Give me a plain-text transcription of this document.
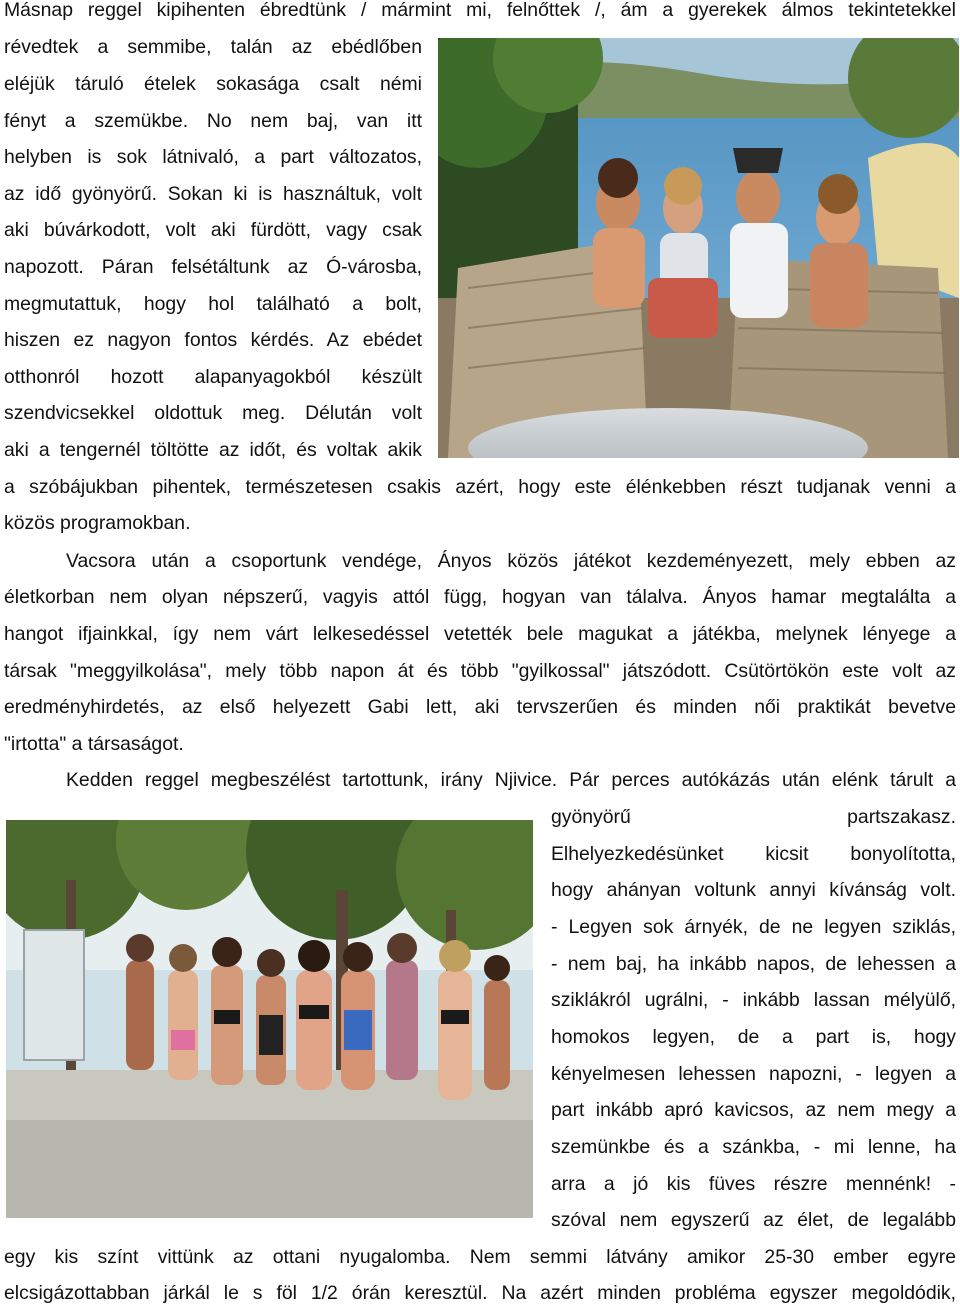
Másnap reggel kipihenten ébredtünk / mármint mi, felnőttek /, ám a gyerekek álmos tekintetekkel
révedtek a semmibe, talán az ebédlőben
eléjük táruló ételek sokasága csalt némi
fényt a szemükbe. No nem baj, van itt
helyben is sok látnivaló, a part változatos,
az idő gyönyörű. Sokan ki is használtuk, volt
aki búvárkodott, volt aki fürdött, vagy csak
napozott. Páran felsétáltunk az Ó-városba,
megmutattuk, hogy hol található a bolt,
hiszen ez nagyon fontos kérdés. Az ebédet
otthonról hozott alapanyagokból készült
szendvicsekkel oldottuk meg. Délután volt
aki a tengernél töltötte az időt, és voltak akik
a szóbájukban pihentek, természetesen csakis azért, hogy este élénkebben részt tudjanak venni a
közös programokban.
Vacsora után a csoportunk vendége, Ányos közös játékot kezdeményezett, mely ebben az
életkorban nem olyan népszerű, vagyis attól függ, hogyan van tálalva. Ányos hamar megtalálta a
hangot ifjainkkal, így nem várt lelkesedéssel vetették bele magukat a játékba, melynek lényege a
társak "meggyilkolása", mely több napon át és több "gyilkossal" játszódott. Csütörtökön este volt az
eredményhirdetés, az első helyezett Gabi lett, aki tervszerűen és minden női praktikát bevetve
"irtotta" a társaságot.
Kedden reggel megbeszélést tartottunk, irány Njivice. Pár perces autókázás után elénk tárult a
gyönyörű partszakasz.
Elhelyezkedésünket kicsit bonyolította,
hogy ahányan voltunk annyi kívánság volt.
- Legyen sok árnyék, de ne legyen sziklás,
- nem baj, ha inkább napos, de lehessen a
sziklákról ugrálni, - inkább lassan mélyülő,
homokos legyen, de a part is, hogy
kényelmesen lehessen napozni, - legyen a
part inkább apró kavicsos, az nem megy a
szemünkbe és a szánkba, - mi lenne, ha
arra a jó kis füves részre mennénk! -
szóval nem egyszerű az élet, de legalább
egy kis színt vittünk az ottani nyugalomba. Nem semmi látvány amikor 25-30 ember egyre
elcsigázottabban járkál le s föl 1/2 órán keresztül. Na azért minden probléma egyszer megoldódik,
